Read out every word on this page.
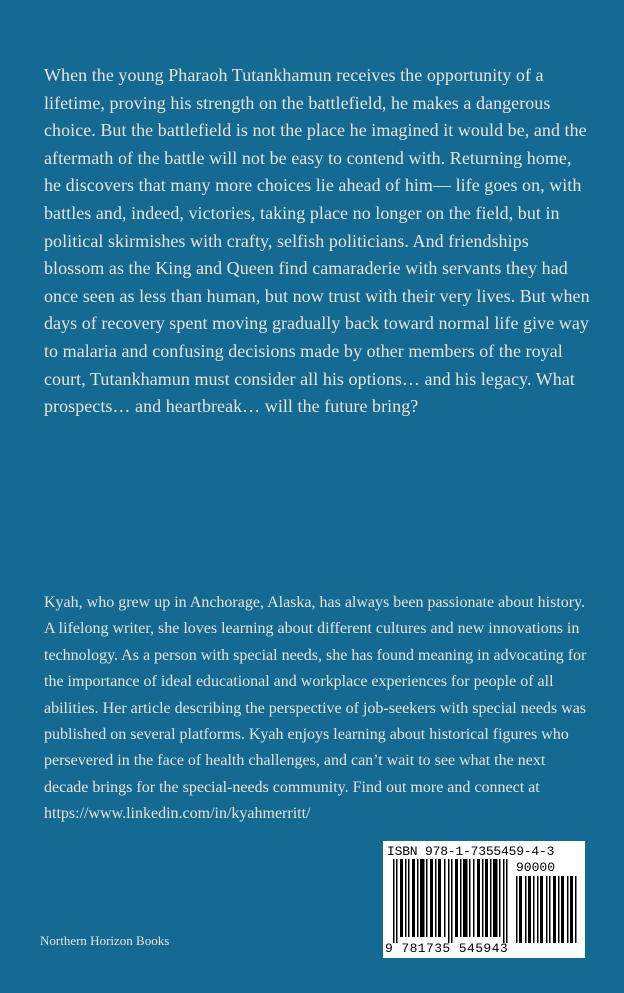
When the young Pharaoh Tutankhamun receives the opportunity of a lifetime, proving his strength on the battlefield, he makes a dangerous choice. But the battlefield is not the place he imagined it would be, and the aftermath of the battle will not be easy to contend with. Returning home, he discovers that many more choices lie ahead of him— life goes on, with battles and, indeed, victories, taking place no longer on the field, but in political skirmishes with crafty, selfish politicians. And friendships blossom as the King and Queen find camaraderie with servants they had once seen as less than human, but now trust with their very lives. But when days of recovery spent moving gradually back toward normal life give way to malaria and confusing decisions made by other members of the royal court, Tutankhamun must consider all his options… and his legacy. What prospects… and heartbreak… will the future bring?

Kyah, who grew up in Anchorage, Alaska, has always been passionate about history. A lifelong writer, she loves learning about different cultures and new innovations in technology. As a person with special needs, she has found meaning in advocating for the importance of ideal educational and workplace experiences for people of all abilities. Her article describing the perspective of job-seekers with special needs was published on several platforms. Kyah enjoys learning about historical figures who persevered in the face of health challenges, and can’t wait to see what the next decade brings for the special-needs community. Find out more and connect at https://www.linkedin.com/in/kyahmerritt/

Northern Horizon Books

ISBN 978-1-7355459-4-3
90000
9 781735 545943
